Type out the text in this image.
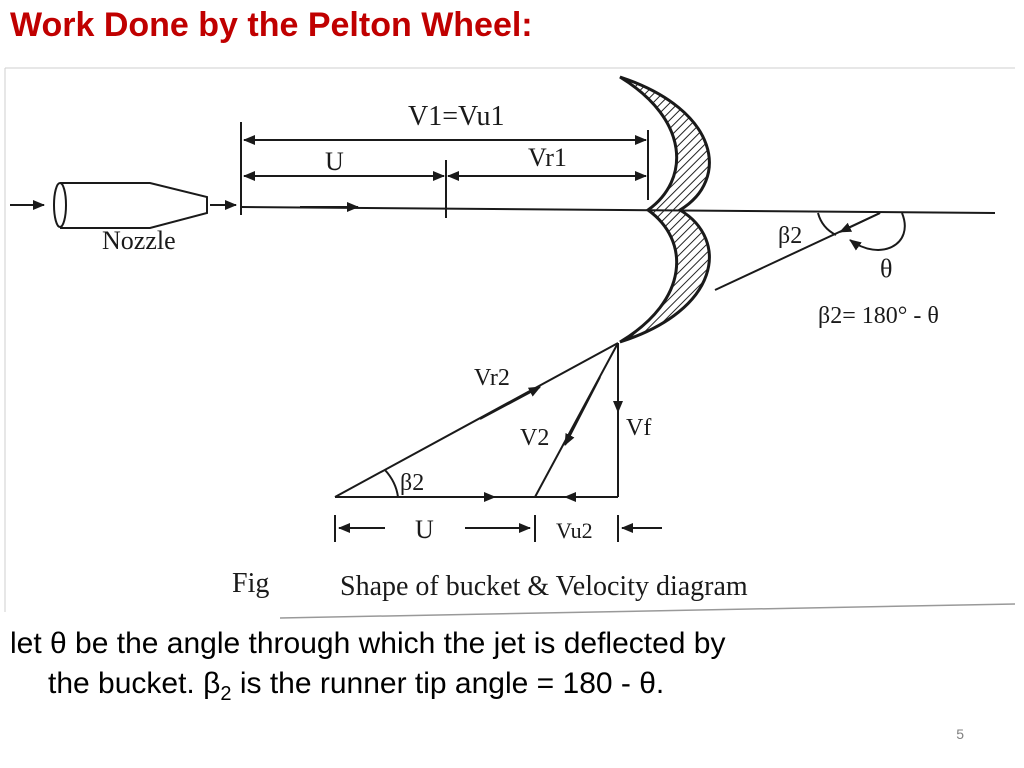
Work Done by the Pelton Wheel:
V1=Vu1
U	Vr1
Nozzle	β2
θ
β2= 180° - θ
Vr2
V2	Vf
β2
U	Vu2
Fig	Shape of bucket & Velocity diagram
let θ be the angle through which the jet is deflected by
the bucket. $\beta_2$ is the runner tip angle = 180 - θ.
5
